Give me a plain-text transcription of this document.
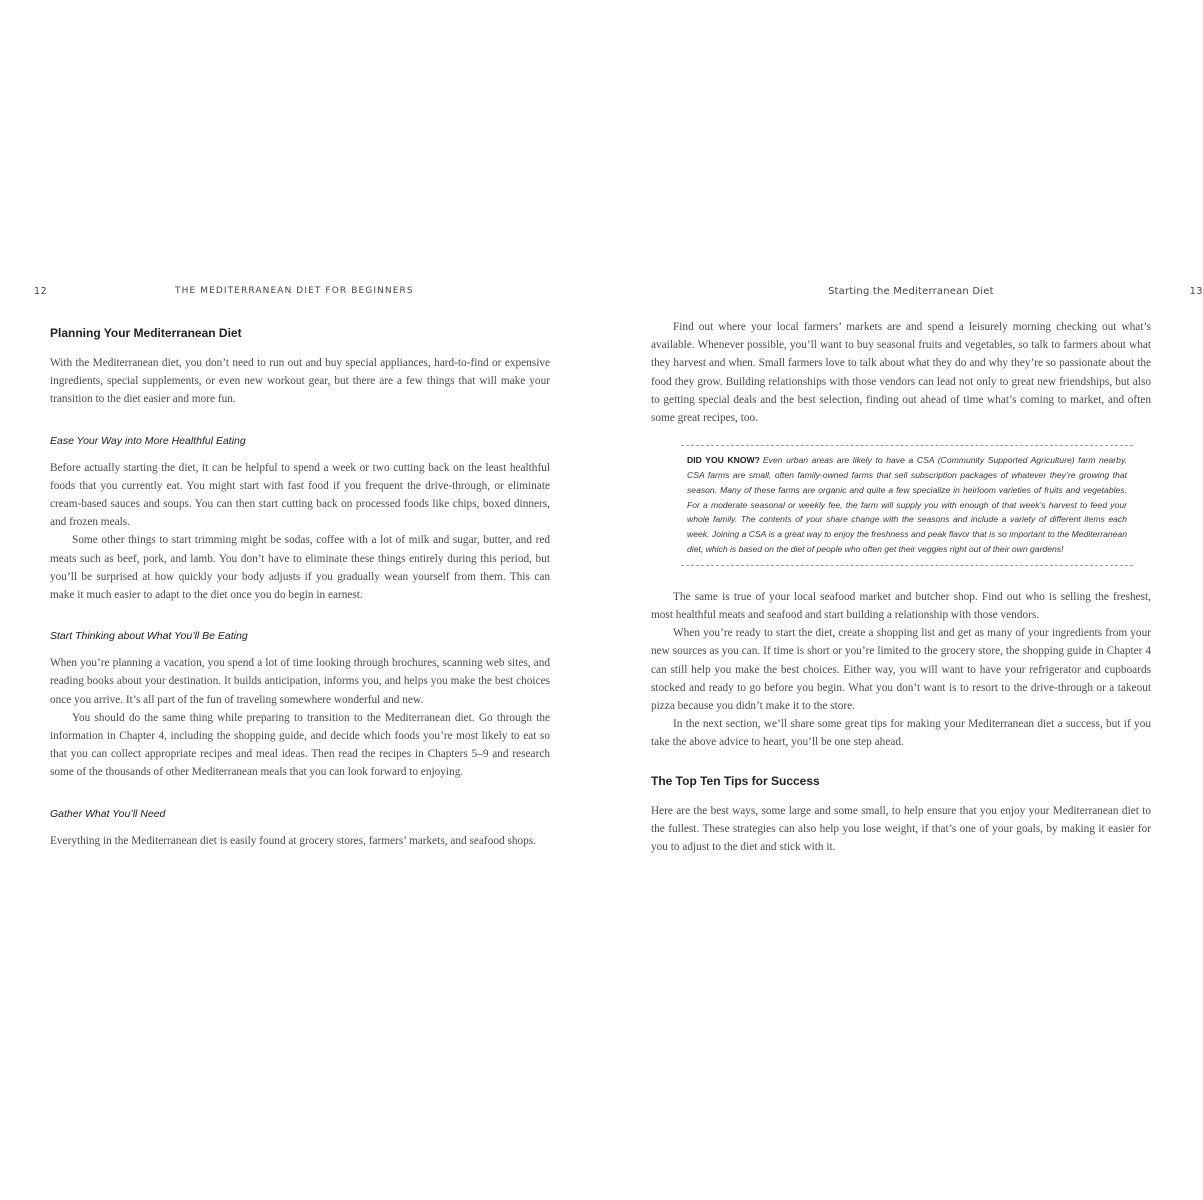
12	THE MEDITERRANEAN DIET FOR BEGINNERS
Planning Your Mediterranean Diet

With the Mediterranean diet, you don’t need to run out and buy special appliances, hard-to-find or expensive ingredients, special supplements, or even new workout gear, but there are a few things that will make your transition to the diet easier and more fun.

Ease Your Way into More Healthful Eating

Before actually starting the diet, it can be helpful to spend a week or two cutting back on the least healthful foods that you currently eat. You might start with fast food if you frequent the drive-through, or eliminate cream-based sauces and soups. You can then start cutting back on processed foods like chips, boxed dinners, and frozen meals.

Some other things to start trimming might be sodas, coffee with a lot of milk and sugar, butter, and red meats such as beef, pork, and lamb. You don’t have to eliminate these things entirely during this period, but you’ll be surprised at how quickly your body adjusts if you gradually wean yourself from them. This can make it much easier to adapt to the diet once you do begin in earnest.

Start Thinking about What You’ll Be Eating

When you’re planning a vacation, you spend a lot of time looking through brochures, scanning web sites, and reading books about your destination. It builds anticipation, informs you, and helps you make the best choices once you arrive. It’s all part of the fun of traveling somewhere wonderful and new.

You should do the same thing while preparing to transition to the Mediterranean diet. Go through the information in Chapter 4, including the shopping guide, and decide which foods you’re most likely to eat so that you can collect appropriate recipes and meal ideas. Then read the recipes in Chapters 5–9 and research some of the thousands of other Mediterranean meals that you can look forward to enjoying.

Gather What You’ll Need

Everything in the Mediterranean diet is easily found at grocery stores, farmers’ markets, and seafood shops.

Starting the Mediterranean Diet	13

Find out where your local farmers’ markets are and spend a leisurely morning checking out what’s available. Whenever possible, you’ll want to buy seasonal fruits and vegetables, so talk to farmers about what they harvest and when. Small farmers love to talk about what they do and why they’re so passionate about the food they grow. Building relationships with those vendors can lead not only to great new friendships, but also to getting special deals and the best selection, finding out ahead of time what’s coming to market, and often some great recipes, too.

DID YOU KNOW? Even urban areas are likely to have a CSA (Community Supported Agriculture) farm nearby. CSA farms are small, often family-owned farms that sell subscription packages of whatever they’re growing that season. Many of these farms are organic and quite a few specialize in heirloom varieties of fruits and vegetables. For a moderate seasonal or weekly fee, the farm will supply you with enough of that week’s harvest to feed your whole family. The contents of your share change with the seasons and include a variety of different items each week. Joining a CSA is a great way to enjoy the freshness and peak flavor that is so important to the Mediterranean diet, which is based on the diet of people who often get their veggies right out of their own gardens!

The same is true of your local seafood market and butcher shop. Find out who is selling the freshest, most healthful meats and seafood and start building a relationship with those vendors.

When you’re ready to start the diet, create a shopping list and get as many of your ingredients from your new sources as you can. If time is short or you’re limited to the grocery store, the shopping guide in Chapter 4 can still help you make the best choices. Either way, you will want to have your refrigerator and cupboards stocked and ready to go before you begin. What you don’t want is to resort to the drive-through or a takeout pizza because you didn’t make it to the store.

In the next section, we’ll share some great tips for making your Mediterranean diet a success, but if you take the above advice to heart, you’ll be one step ahead.

The Top Ten Tips for Success

Here are the best ways, some large and some small, to help ensure that you enjoy your Mediterranean diet to the fullest. These strategies can also help you lose weight, if that’s one of your goals, by making it easier for you to adjust to the diet and stick with it.
